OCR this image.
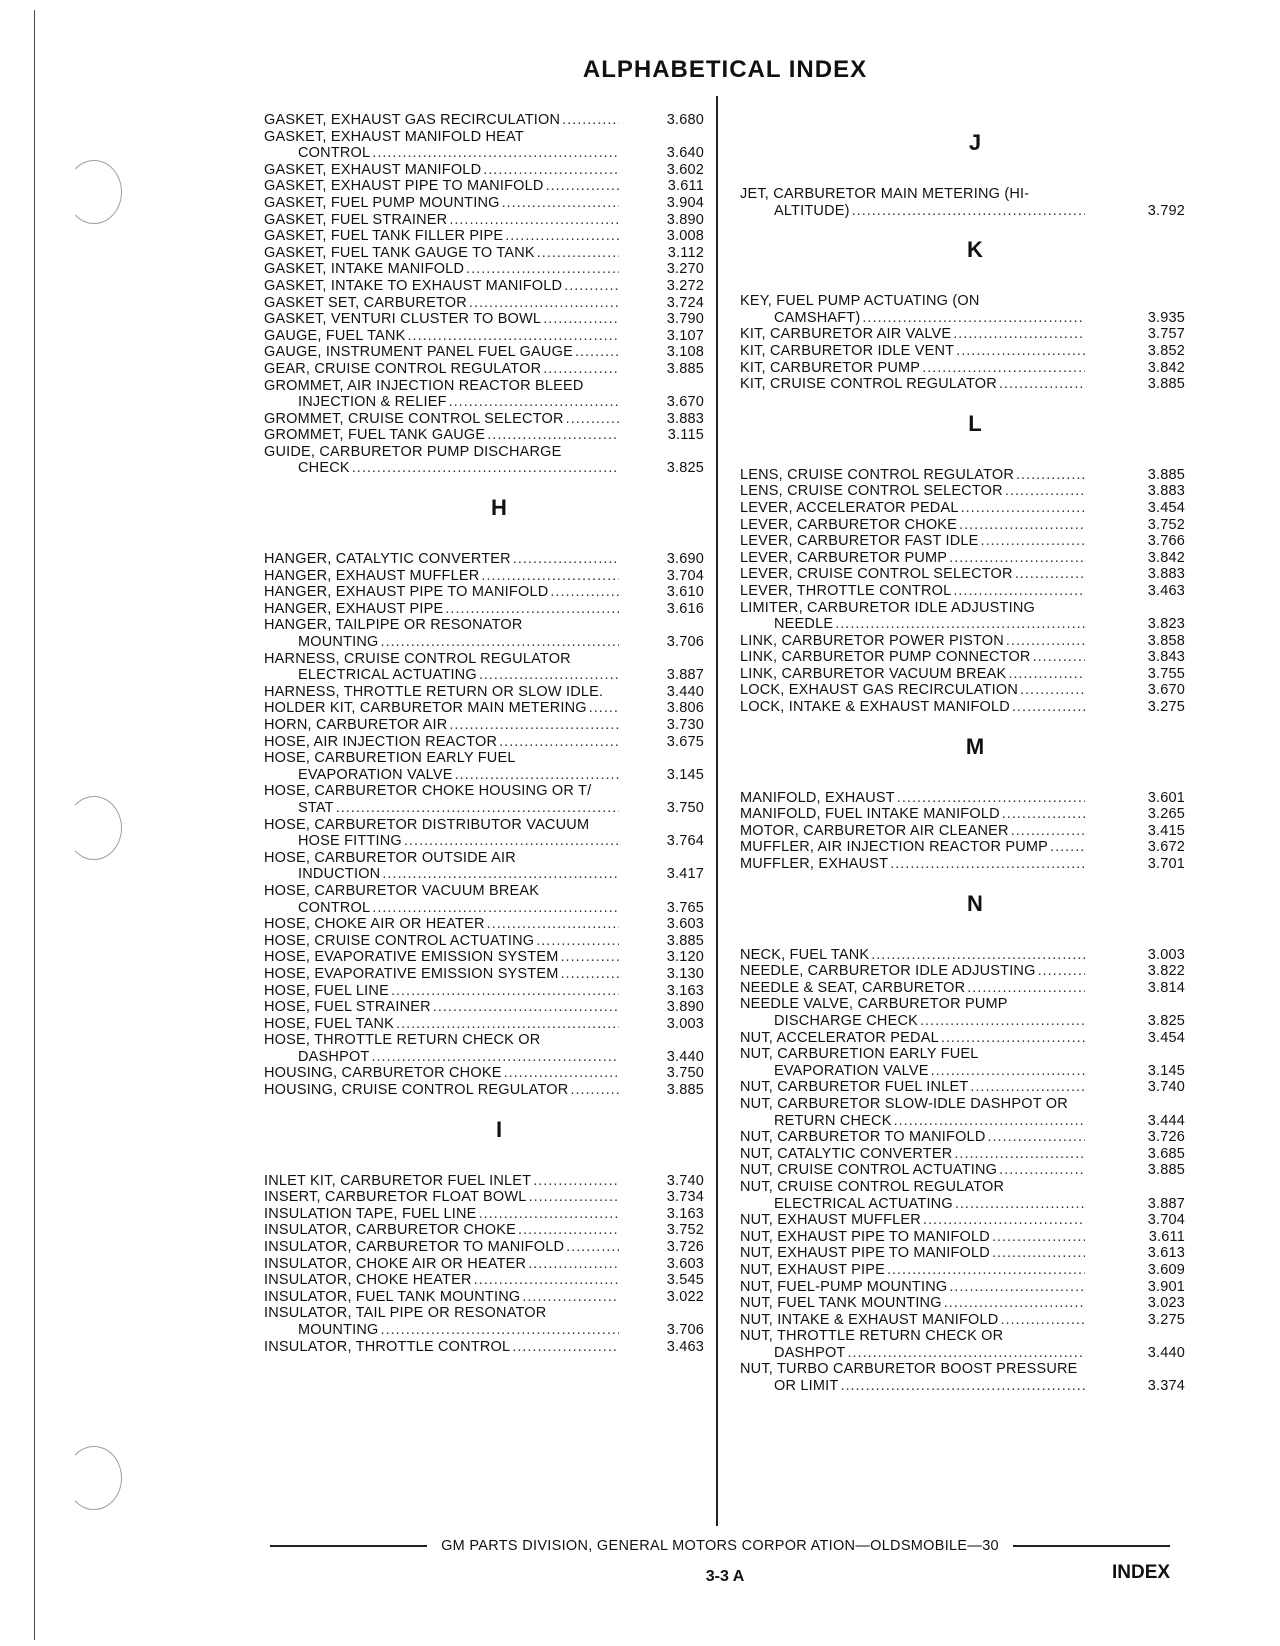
ALPHABETICAL INDEX
GASKET, EXHAUST GAS RECIRCULATION .....	3.680
GASKET, EXHAUST MANIFOLD HEAT
CONTROL .....	3.640
GASKET, EXHAUST MANIFOLD .....	3.602
GASKET, EXHAUST PIPE TO MANIFOLD .....	3.611
GASKET, FUEL PUMP MOUNTING .....	3.904
GASKET, FUEL STRAINER .....	3.890
GASKET, FUEL TANK FILLER PIPE .....	3.008
GASKET, FUEL TANK GAUGE TO TANK .....	3.112
GASKET, INTAKE MANIFOLD .....	3.270
GASKET, INTAKE TO EXHAUST MANIFOLD .....	3.272
GASKET SET, CARBURETOR .....	3.724
GASKET, VENTURI CLUSTER TO BOWL .....	3.790
GAUGE, FUEL TANK .....	3.107
GAUGE, INSTRUMENT PANEL FUEL GAUGE .....	3.108
GEAR, CRUISE CONTROL REGULATOR .....	3.885
GROMMET, AIR INJECTION REACTOR BLEED
INJECTION & RELIEF .....	3.670
GROMMET, CRUISE CONTROL SELECTOR .....	3.883
GROMMET, FUEL TANK GAUGE .....	3.115
GUIDE, CARBURETOR PUMP DISCHARGE
CHECK .....	3.825
H
HANGER, CATALYTIC CONVERTER .....	3.690
HANGER, EXHAUST MUFFLER .....	3.704
HANGER, EXHAUST PIPE TO MANIFOLD .....	3.610
HANGER, EXHAUST PIPE .....	3.616
HANGER, TAILPIPE OR RESONATOR
MOUNTING .....	3.706
HARNESS, CRUISE CONTROL REGULATOR
ELECTRICAL ACTUATING .....	3.887
HARNESS, THROTTLE RETURN OR SLOW IDLE.	3.440
HOLDER KIT, CARBURETOR MAIN METERING .....	3.806
HORN, CARBURETOR AIR .....	3.730
HOSE, AIR INJECTION REACTOR .....	3.675
HOSE, CARBURETION EARLY FUEL
EVAPORATION VALVE .....	3.145
HOSE, CARBURETOR CHOKE HOUSING OR T/
STAT .....	3.750
HOSE, CARBURETOR DISTRIBUTOR VACUUM
HOSE FITTING .....	3.764
HOSE, CARBURETOR OUTSIDE AIR
INDUCTION .....	3.417
HOSE, CARBURETOR VACUUM BREAK
CONTROL .....	3.765
HOSE, CHOKE AIR OR HEATER .....	3.603
HOSE, CRUISE CONTROL ACTUATING .....	3.885
HOSE, EVAPORATIVE EMISSION SYSTEM .....	3.120
HOSE, EVAPORATIVE EMISSION SYSTEM .....	3.130
HOSE, FUEL LINE .....	3.163
HOSE, FUEL STRAINER .....	3.890
HOSE, FUEL TANK .....	3.003
HOSE, THROTTLE RETURN CHECK OR
DASHPOT .....	3.440
HOUSING, CARBURETOR CHOKE .....	3.750
HOUSING, CRUISE CONTROL REGULATOR .....	3.885
I
INLET KIT, CARBURETOR FUEL INLET .....	3.740
INSERT, CARBURETOR FLOAT BOWL .....	3.734
INSULATION TAPE, FUEL LINE .....	3.163
INSULATOR, CARBURETOR CHOKE .....	3.752
INSULATOR, CARBURETOR TO MANIFOLD .....	3.726
INSULATOR, CHOKE AIR OR HEATER .....	3.603
INSULATOR, CHOKE HEATER .....	3.545
INSULATOR, FUEL TANK MOUNTING .....	3.022
INSULATOR, TAIL PIPE OR RESONATOR
MOUNTING .....	3.706
INSULATOR, THROTTLE CONTROL .....	3.463
J
JET, CARBURETOR MAIN METERING (HI-
ALTITUDE) .....	3.792
K
KEY, FUEL PUMP ACTUATING (ON
CAMSHAFT) .....	3.935
KIT, CARBURETOR AIR VALVE .....	3.757
KIT, CARBURETOR IDLE VENT .....	3.852
KIT, CARBURETOR PUMP .....	3.842
KIT, CRUISE CONTROL REGULATOR .....	3.885
L
LENS, CRUISE CONTROL REGULATOR .....	3.885
LENS, CRUISE CONTROL SELECTOR .....	3.883
LEVER, ACCELERATOR PEDAL .....	3.454
LEVER, CARBURETOR CHOKE .....	3.752
LEVER, CARBURETOR FAST IDLE .....	3.766
LEVER, CARBURETOR PUMP .....	3.842
LEVER, CRUISE CONTROL SELECTOR .....	3.883
LEVER, THROTTLE CONTROL .....	3.463
LIMITER, CARBURETOR IDLE ADJUSTING
NEEDLE .....	3.823
LINK, CARBURETOR POWER PISTON .....	3.858
LINK, CARBURETOR PUMP CONNECTOR .....	3.843
LINK, CARBURETOR VACUUM BREAK .....	3.755
LOCK, EXHAUST GAS RECIRCULATION .....	3.670
LOCK, INTAKE & EXHAUST MANIFOLD .....	3.275
M
MANIFOLD, EXHAUST .....	3.601
MANIFOLD, FUEL INTAKE MANIFOLD .....	3.265
MOTOR, CARBURETOR AIR CLEANER .....	3.415
MUFFLER, AIR INJECTION REACTOR PUMP .....	3.672
MUFFLER, EXHAUST .....	3.701
N
NECK, FUEL TANK .....	3.003
NEEDLE, CARBURETOR IDLE ADJUSTING .....	3.822
NEEDLE & SEAT, CARBURETOR .....	3.814
NEEDLE VALVE, CARBURETOR PUMP
DISCHARGE CHECK .....	3.825
NUT, ACCELERATOR PEDAL .....	3.454
NUT, CARBURETION EARLY FUEL
EVAPORATION VALVE .....	3.145
NUT, CARBURETOR FUEL INLET .....	3.740
NUT, CARBURETOR SLOW-IDLE DASHPOT OR
RETURN CHECK .....	3.444
NUT, CARBURETOR TO MANIFOLD .....	3.726
NUT, CATALYTIC CONVERTER .....	3.685
NUT, CRUISE CONTROL ACTUATING .....	3.885
NUT, CRUISE CONTROL REGULATOR
ELECTRICAL ACTUATING .....	3.887
NUT, EXHAUST MUFFLER .....	3.704
NUT, EXHAUST PIPE TO MANIFOLD .....	3.611
NUT, EXHAUST PIPE TO MANIFOLD .....	3.613
NUT, EXHAUST PIPE .....	3.609
NUT, FUEL-PUMP MOUNTING .....	3.901
NUT, FUEL TANK MOUNTING .....	3.023
NUT, INTAKE & EXHAUST MANIFOLD .....	3.275
NUT, THROTTLE RETURN CHECK OR
DASHPOT .....	3.440
NUT, TURBO CARBURETOR BOOST PRESSURE
OR LIMIT .....	3.374
GM PARTS DIVISION, GENERAL MOTORS CORPOR ATION—OLDSMOBILE—30
3-3 A	INDEX
